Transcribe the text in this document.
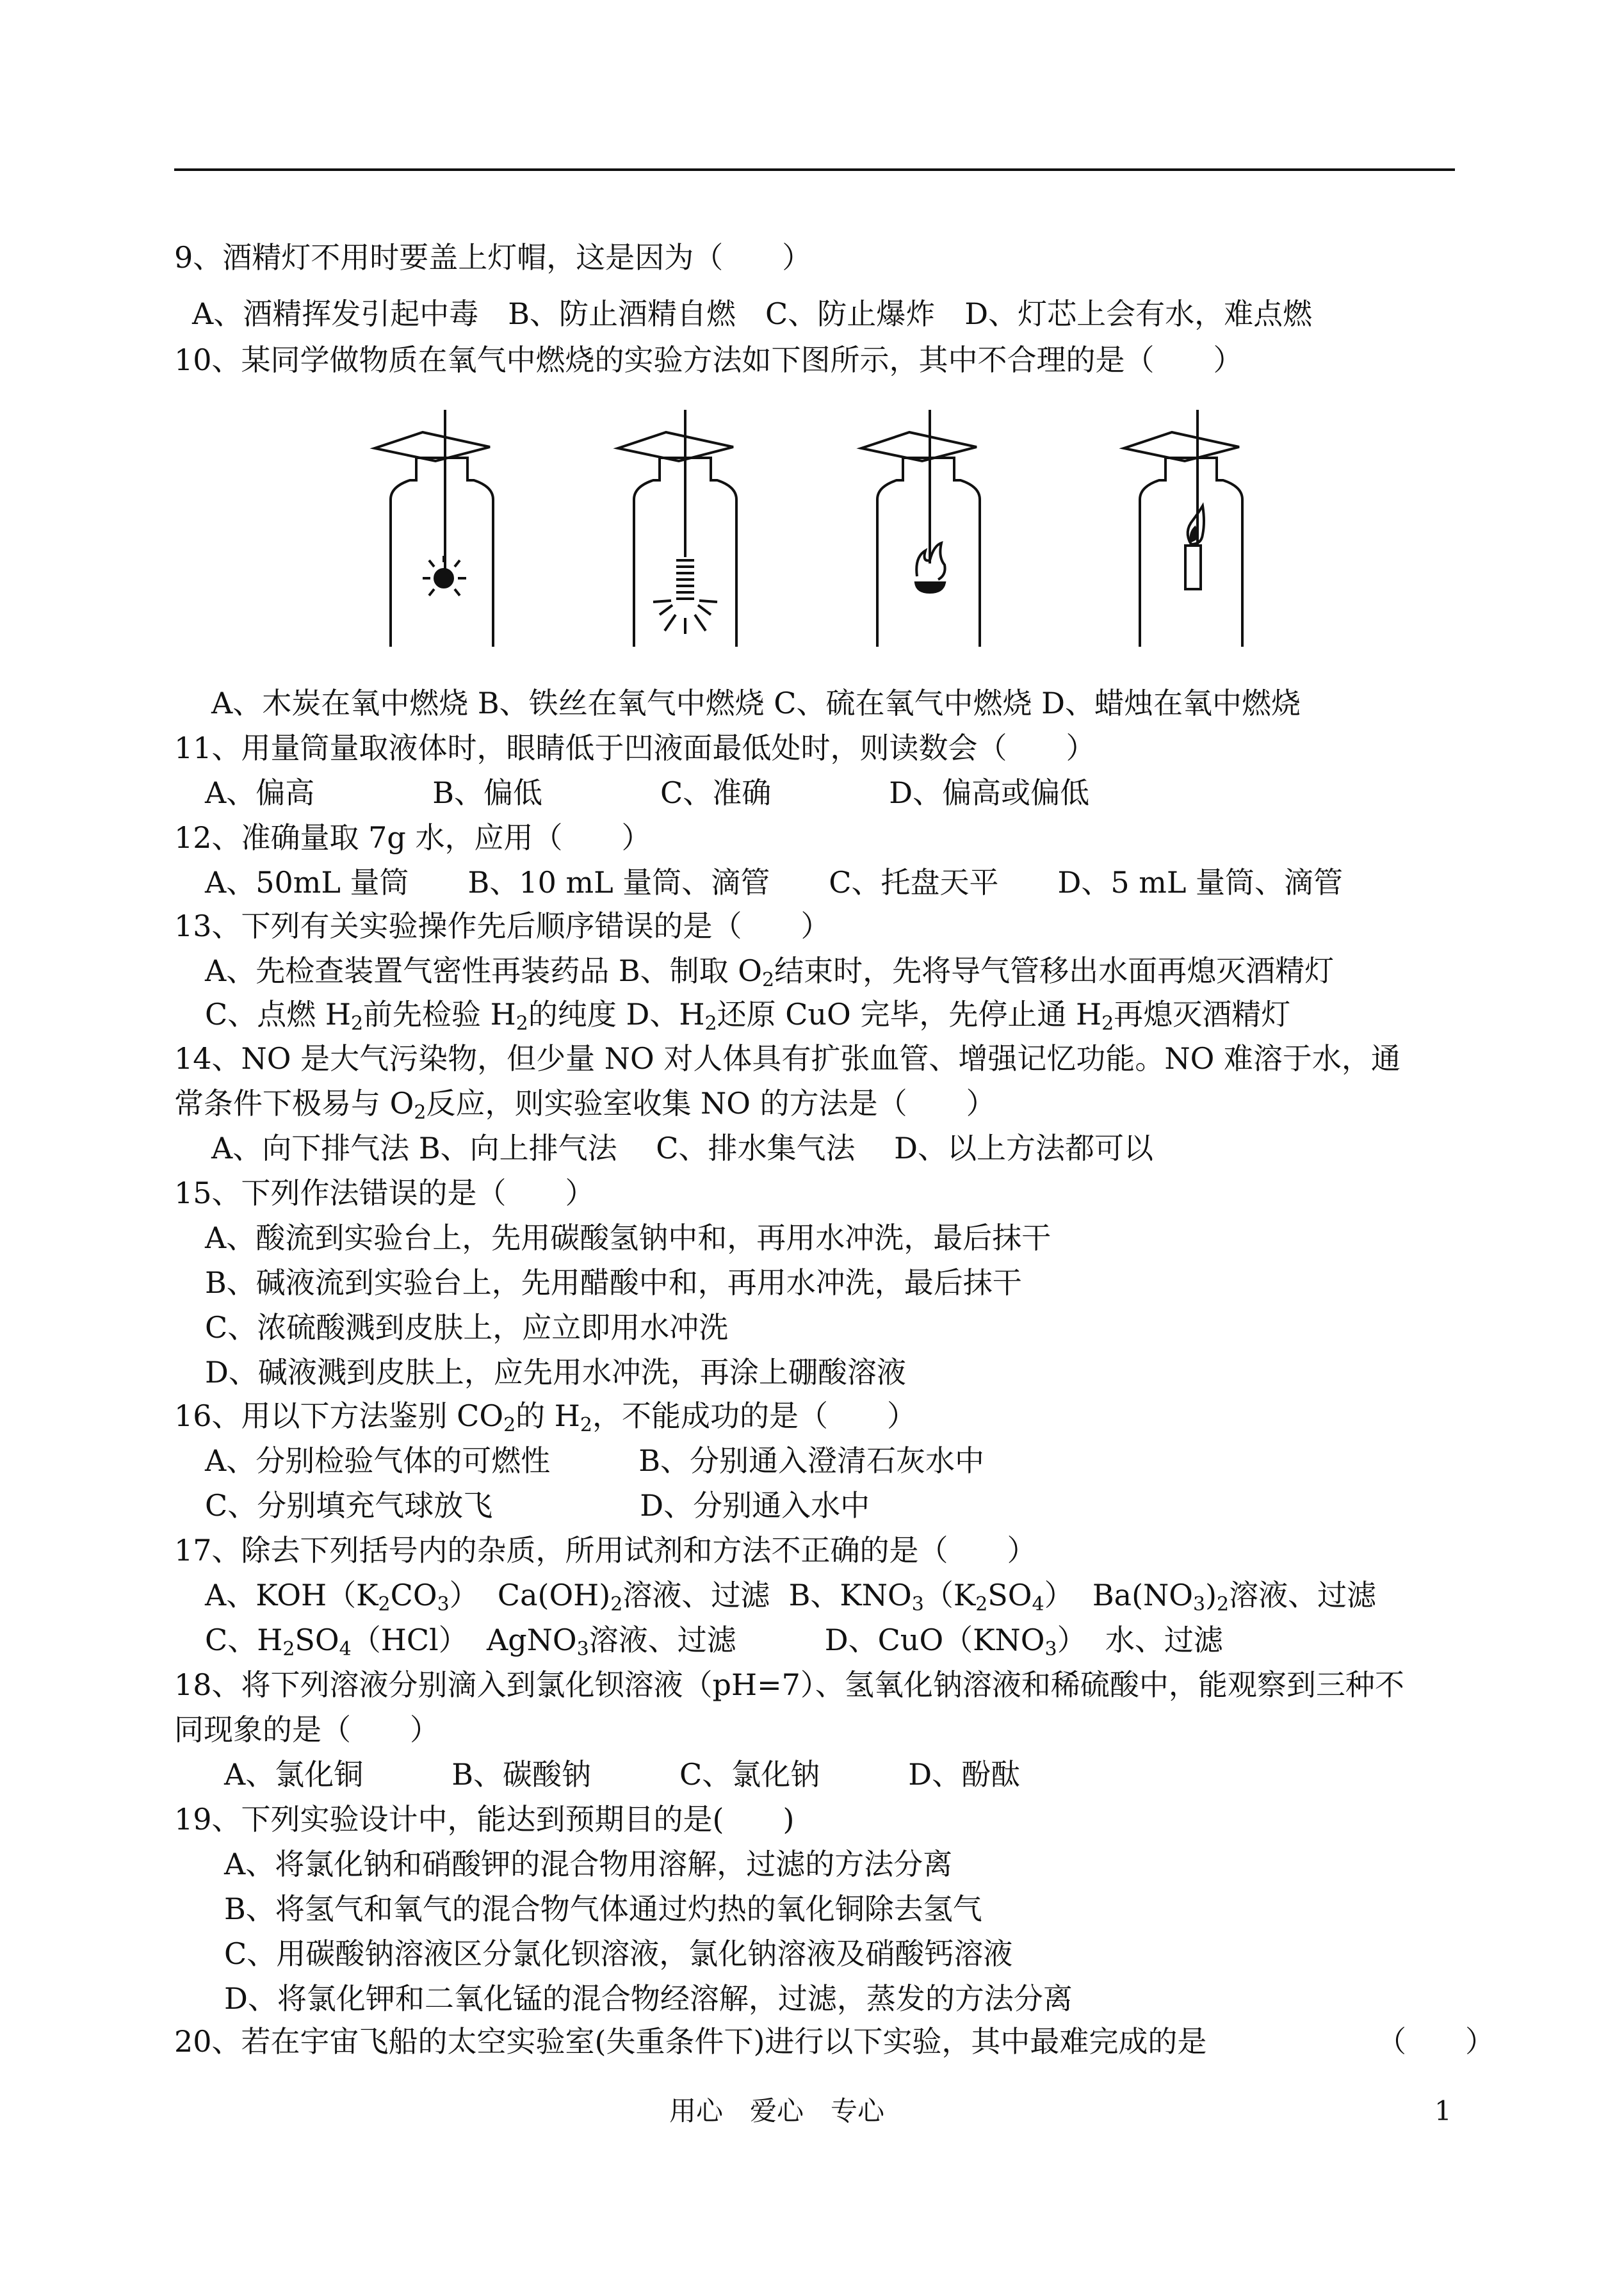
9、酒精灯不用时要盖上灯帽，这是因为（　　）
A、酒精挥发引起中毒　B、防止酒精自燃　C、防止爆炸　D、灯芯上会有水，难点燃
10、某同学做物质在氧气中燃烧的实验方法如下图所示，其中不合理的是（　　）
A、木炭在氧中燃烧 B、铁丝在氧气中燃烧 C、硫在氧气中燃烧 D、蜡烛在氧中燃烧
11、用量筒量取液体时，眼睛低于凹液面最低处时，则读数会（　　）
A、偏高　　　　B、偏低　　　　C、准确　　　　D、偏高或偏低
12、准确量取 7g 水，应用（　　）
A、50mL 量筒　　B、10 mL 量筒、滴管　　C、托盘天平　　D、5 mL 量筒、滴管
13、下列有关实验操作先后顺序错误的是（　　）
A、先检查装置气密性再装药品 B、制取 $O_2$结束时，先将导气管移出水面再熄灭酒精灯
C、点燃 $H_2$前先检验 $H_2$的纯度 D、$H_2$还原 CuO 完毕，先停止通 $H_2$再熄灭酒精灯
14、NO 是大气污染物，但少量 NO 对人体具有扩张血管、增强记忆功能。NO 难溶于水，通
常条件下极易与 $O_2$反应，则实验室收集 NO 的方法是（　　）
A、向下排气法 B、向上排气法　 C、排水集气法　 D、以上方法都可以
15、下列作法错误的是（　　）
A、酸流到实验台上，先用碳酸氢钠中和，再用水冲洗，最后抹干
B、碱液流到实验台上，先用醋酸中和，再用水冲洗，最后抹干
C、浓硫酸溅到皮肤上，应立即用水冲洗
D、碱液溅到皮肤上，应先用水冲洗，再涂上硼酸溶液
16、用以下方法鉴别 $CO_2$的 $H_2$，不能成功的是（　　）
A、分别检验气体的可燃性　　　B、分别通入澄清石灰水中
C、分别填充气球放飞　　　　　D、分别通入水中
17、除去下列括号内的杂质，所用试剂和方法不正确的是（　　）
A、$KOH(K_2CO_3)$  $Ca(OH)_2$溶液、过滤  B、$KNO_3(K_2SO_4)$  $Ba(NO_3)_2$溶液、过滤
C、$H_2SO_4(HCl)$  AgNO$_3$溶液、过滤　　　D、$CuO(KNO_3)$  水、过滤
18、将下列溶液分别滴入到氯化钡溶液（pH=7）、氢氧化钠溶液和稀硫酸中，能观察到三种不
同现象的是（　　）
A、氯化铜　　　B、碳酸钠　　　C、氯化钠　　　D、酚酞
19、下列实验设计中，能达到预期目的是(　　)
A、将氯化钠和硝酸钾的混合物用溶解，过滤的方法分离
B、将氢气和氧气的混合物气体通过灼热的氧化铜除去氢气
C、用碳酸钠溶液区分氯化钡溶液，氯化钠溶液及硝酸钙溶液
D、将氯化钾和二氧化锰的混合物经溶解，过滤，蒸发的方法分离
20、若在宇宙飞船的太空实验室(失重条件下)进行以下实验，其中最难完成的是	（　　）
用心　爱心　专心	1
